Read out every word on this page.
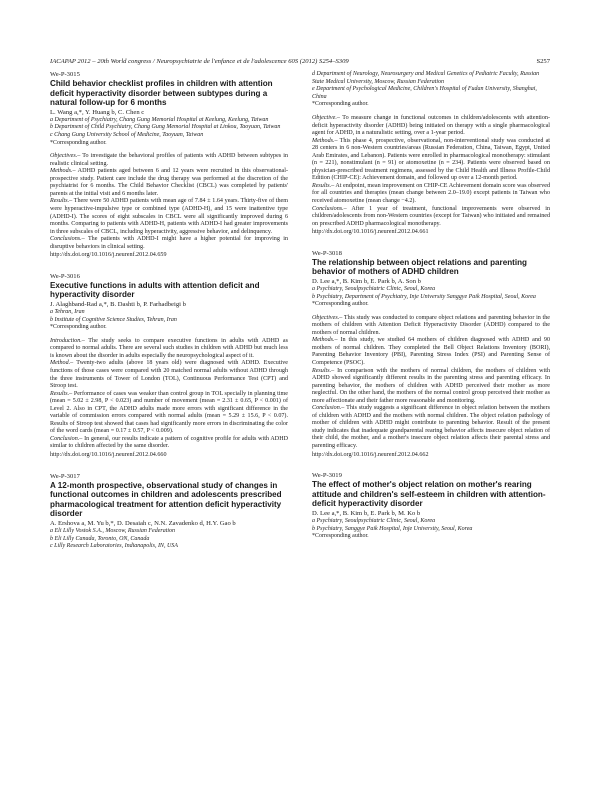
IACAPAP 2012 – 20th World congress / Neuropsychiatrie de l'enfance et de l'adolescence 60S (2012) S254–S309	S257
We-P-3015
Child behavior checklist profiles in children with attention deficit hyperactivity disorder between subtypes during a natural follow-up for 6 months
L. Wang a,*, Y. Huang b, C. Chen c
a Department of Psychiatry, Chang Gung Memorial Hospital at Keelung, Keelung, Taiwan
b Department of Child Psychiatry, Chang Gung Memorial Hospital at Linkou, Taoyuan, Taiwan
c Chang Gung University School of Medicine, Taoyuan, Taiwan
*Corresponding author.

Objectives.– To investigate the behavioral profiles of patients with ADHD between subtypes in realistic clinical setting.

Methods.– ADHD patients aged between 6 and 12 years were recruited in this observational-prospective study. Patient care include the drug therapy was performed at the discretion of the psychiatrist for 6 months. The Child Behavior Checklist (CBCL) was completed by patients' parents at the initial visit and 6 months later.

Results.– There were 50 ADHD patients with mean age of 7.84 ± 1.64 years. Thirty-five of them were hyperactive-impulsive type or combined type (ADHD-H), and 15 were inattentive type (ADHD-I). The scores of eight subscales in CBCL were all significantly improved during 6 months. Comparing to patients with ADHD-H, patients with ADHD-I had greater improvements in three subscales of CBCL, including hyperactivity, aggressive behavior, and delinquency.

Conclusions.– The patients with ADHD-I might have a higher potential for improving in disruptive behaviors in clinical setting.

http://dx.doi.org/10.1016/j.neurenf.2012.04.659
We-P-3016
Executive functions in adults with attention deficit and hyperactivity disorder
J. Alaghband-Rad a,*, B. Dashti b, P. Farhadbeigi b
a Tehran, Iran
b Institute of Cognitive Science Studies, Tehran, Iran
*Corresponding author.

Introduction.– The study seeks to compare executive functions in adults with ADHD as compared to normal adults. There are several such studies in children with ADHD but much less is known about the disorder in adults especially the neuropsychological aspect of it.

Method.– Twenty-two adults (above 18 years old) were diagnosed with ADHD. Executive functions of those cases were compared with 20 matched normal adults without ADHD through the three instruments of Tower of London (TOL), Continuous Performance Test (CPT) and Stroop test.

Results.– Performance of cases was weaker than control group in TOL specially in planning time (mean = 5.02 ± 2.98, P < 0.023) and number of movement (mean = 2.31 ± 0.65, P < 0.001) of Level 2. Also in CPT, the ADHD adults made more errors with significant difference in the variable of commission errors compared with normal adults (mean = 5.29 ± 15.6, P < 0.07). Results of Stroop test showed that cases had significantly more errors in discriminating the color of the word cards (mean = 0.17 ± 0.57, P < 0.009).

Conclusion.– In general, our results indicate a pattern of cognitive profile for adults with ADHD similar to children affected by the same disorder.

http://dx.doi.org/10.1016/j.neurenf.2012.04.660
We-P-3017
A 12-month prospective, observational study of changes in functional outcomes in children and adolescents prescribed pharmacological treatment for attention deficit hyperactivity disorder
A. Ershova a, M. Yu b,*, D. Desaiah c, N.N. Zavadenko d, H.Y. Gao b
a Eli Lilly Vostok S.A., Moscow, Russian Federation
b Eli Lilly Canada, Toronto, ON, Canada
c Lilly Research Laboratories, Indianapolis, IN, USA
d Department of Neurology, Neurosurgery and Medical Genetics of Pediatric Faculty, Russian State Medical University, Moscow, Russian Federation
e Department of Psychological Medicine, Children's Hospital of Fudan University, Shanghai, China
*Corresponding author.

Objective.– To measure change in functional outcomes in children/adolescents with attention-deficit hyperactivity disorder (ADHD) being initiated on therapy with a single pharmacological agent for ADHD, in a naturalistic setting, over a 1-year period.

Methods.– This phase 4, prospective, observational, non-interventional study was conducted at 28 centers in 6 non-Western countries/areas (Russian Federation, China, Taiwan, Egypt, United Arab Emirates, and Lebanon). Patients were enrolled in pharmacological monotherapy: stimulant (n = 221), nonstimulant (n = 91) or atomoxetine (n = 234). Patients were observed based on physician-prescribed treatment regimens, assessed by the Child Health and Illness Profile-Child Edition (CHIP-CE): Achievement domain, and followed up over a 12-month period.

Results.– At endpoint, mean improvement on CHIP-CE Achievement domain score was observed for all countries and therapies (mean change between 2.0–19.0) except patients in Taiwan who received atomoxetine (mean change −4.2).

Conclusions.– After 1 year of treatment, functional improvements were observed in children/adolescents from non-Western countries (except for Taiwan) who initiated and remained on prescribed ADHD pharmacological monotherapy.

http://dx.doi.org/10.1016/j.neurenf.2012.04.661
We-P-3018
The relationship between object relations and parenting behavior of mothers of ADHD children
D. Lee a,*, B. Kim b, E. Park b, A. Son b
a Psychiatry, Seoulpsychiatric Clinic, Seoul, Korea
b Psychiatry, Department of Psychiatry, Inje University Sanggye Paik Hospital, Seoul, Korea
*Corresponding author.

Objectives.– This study was conducted to compare object relations and parenting behavior in the mothers of children with Attention Deficit Hyperactivity Disorder (ADHD) compared to the mothers of normal children.

Methods.– In this study, we studied 64 mothers of children diagnosed with ADHD and 90 mothers of normal children. They completed the Bell Object Relations Inventory (BORI), Parenting Behavior Inventory (PBI), Parenting Stress Index (PSI) and Parenting Sense of Competence (PSOC).

Results.– In comparison with the mothers of normal children, the mothers of children with ADHD showed significantly different results in the parenting stress and parenting efficacy. In parenting behavior, the mothers of children with ADHD perceived their mother as more neglectful. On the other hand, the mothers of the normal control group perceived their mother as more affectionate and their father more reasonable and monitoring.

Conclusion.– This study suggests a significant difference in object relation between the mothers of children with ADHD and the mothers with normal children. The object relation pathology of mother of children with ADHD might contribute to parenting behavior. Result of the present study indicates that inadequate grandparental rearing behavior affects insecure object relation of their child, the mother, and a mother's insecure object relation affects their parental stress and parenting efficacy.

http://dx.doi.org/10.1016/j.neurenf.2012.04.662
We-P-3019
The effect of mother's object relation on mother's rearing attitude and children's self-esteem in children with attention-deficit hyperactivity disorder
D. Lee a,*, B. Kim b, E. Park b, M. Ko b
a Psychiatry, Seoulpsychiatric Clinic, Seoul, Korea
b Psychiatry, Sanggye Paik Hospital, Inje University, Seoul, Korea
*Corresponding author.
